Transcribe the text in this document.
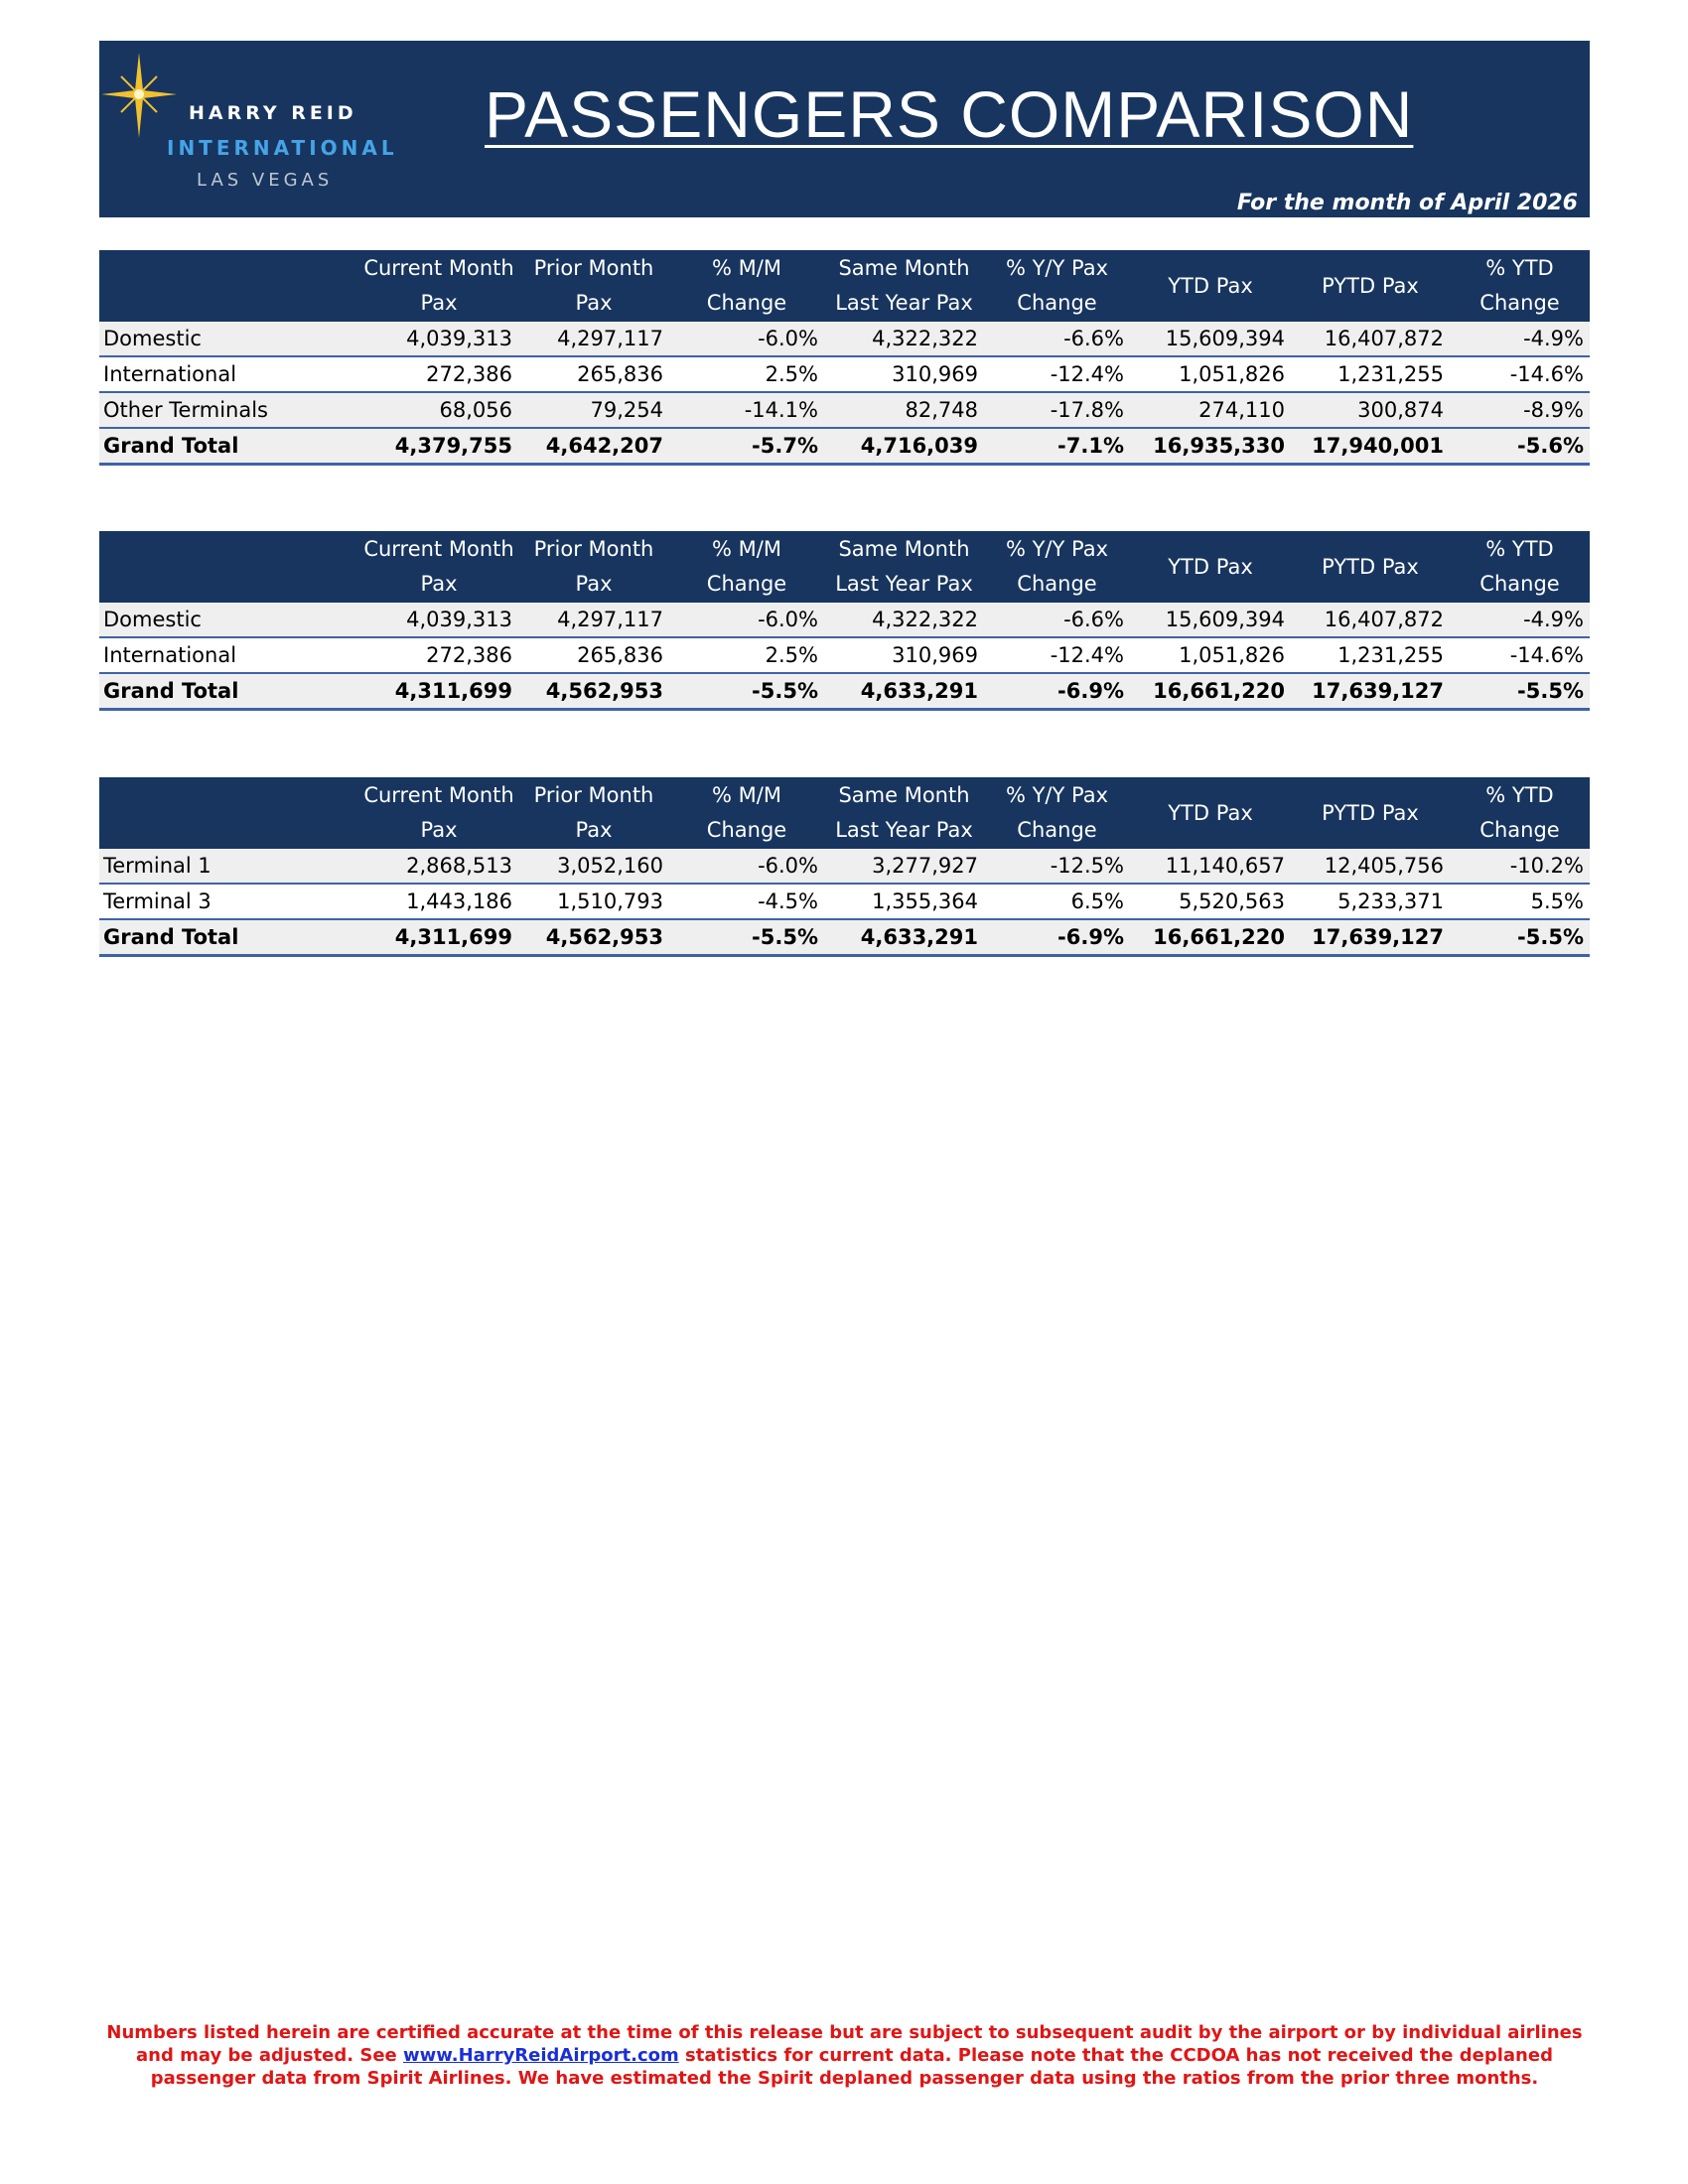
HARRY REID
INTERNATIONAL
LAS VEGAS
PASSENGERS COMPARISON
For the month of April 2026
	Current Month Pax	Prior Month Pax	% M/M Change	Same Month Last Year Pax	% Y/Y Pax Change	YTD Pax	PYTD Pax	% YTD Change
Domestic	4,039,313	4,297,117	-6.0%	4,322,322	-6.6%	15,609,394	16,407,872	-4.9%
International	272,386	265,836	2.5%	310,969	-12.4%	1,051,826	1,231,255	-14.6%
Other Terminals	68,056	79,254	-14.1%	82,748	-17.8%	274,110	300,874	-8.9%
Grand Total	4,379,755	4,642,207	-5.7%	4,716,039	-7.1%	16,935,330	17,940,001	-5.6%
	Current Month Pax	Prior Month Pax	% M/M Change	Same Month Last Year Pax	% Y/Y Pax Change	YTD Pax	PYTD Pax	% YTD Change
Domestic	4,039,313	4,297,117	-6.0%	4,322,322	-6.6%	15,609,394	16,407,872	-4.9%
International	272,386	265,836	2.5%	310,969	-12.4%	1,051,826	1,231,255	-14.6%
Grand Total	4,311,699	4,562,953	-5.5%	4,633,291	-6.9%	16,661,220	17,639,127	-5.5%
	Current Month Pax	Prior Month Pax	% M/M Change	Same Month Last Year Pax	% Y/Y Pax Change	YTD Pax	PYTD Pax	% YTD Change
Terminal 1	2,868,513	3,052,160	-6.0%	3,277,927	-12.5%	11,140,657	12,405,756	-10.2%
Terminal 3	1,443,186	1,510,793	-4.5%	1,355,364	6.5%	5,520,563	5,233,371	5.5%
Grand Total	4,311,699	4,562,953	-5.5%	4,633,291	-6.9%	16,661,220	17,639,127	-5.5%
Numbers listed herein are certified accurate at the time of this release but are subject to subsequent audit by the airport or by individual airlines and may be adjusted. See www.HarryReidAirport.com statistics for current data. Please note that the CCDOA has not received the deplaned passenger data from Spirit Airlines. We have estimated the Spirit deplaned passenger data using the ratios from the prior three months.
